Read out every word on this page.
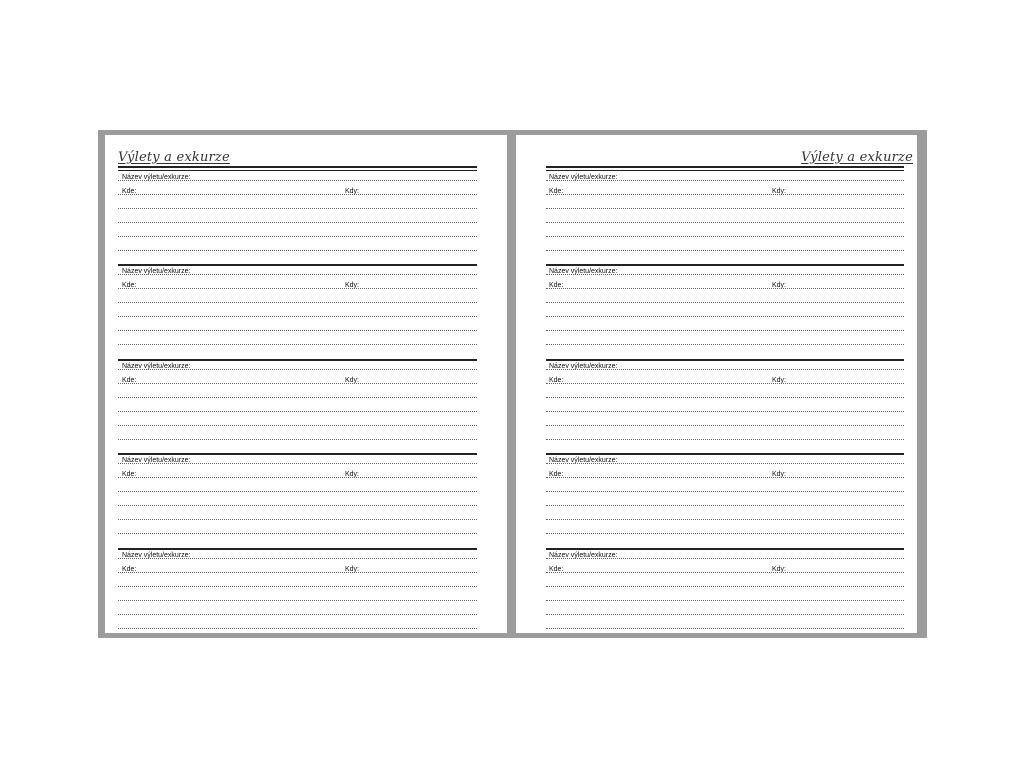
Výlety a exkurze
Název výletu/exkurze:
Kde:	Kdy:
Název výletu/exkurze:
Kde:	Kdy:
Název výletu/exkurze:
Kde:	Kdy:
Název výletu/exkurze:
Kde:	Kdy:
Název výletu/exkurze:
Kde:	Kdy:
Výlety a exkurze
Název výletu/exkurze:
Kde:	Kdy:
Název výletu/exkurze:
Kde:	Kdy:
Název výletu/exkurze:
Kde:	Kdy:
Název výletu/exkurze:
Kde:	Kdy:
Název výletu/exkurze:
Kde:	Kdy:
